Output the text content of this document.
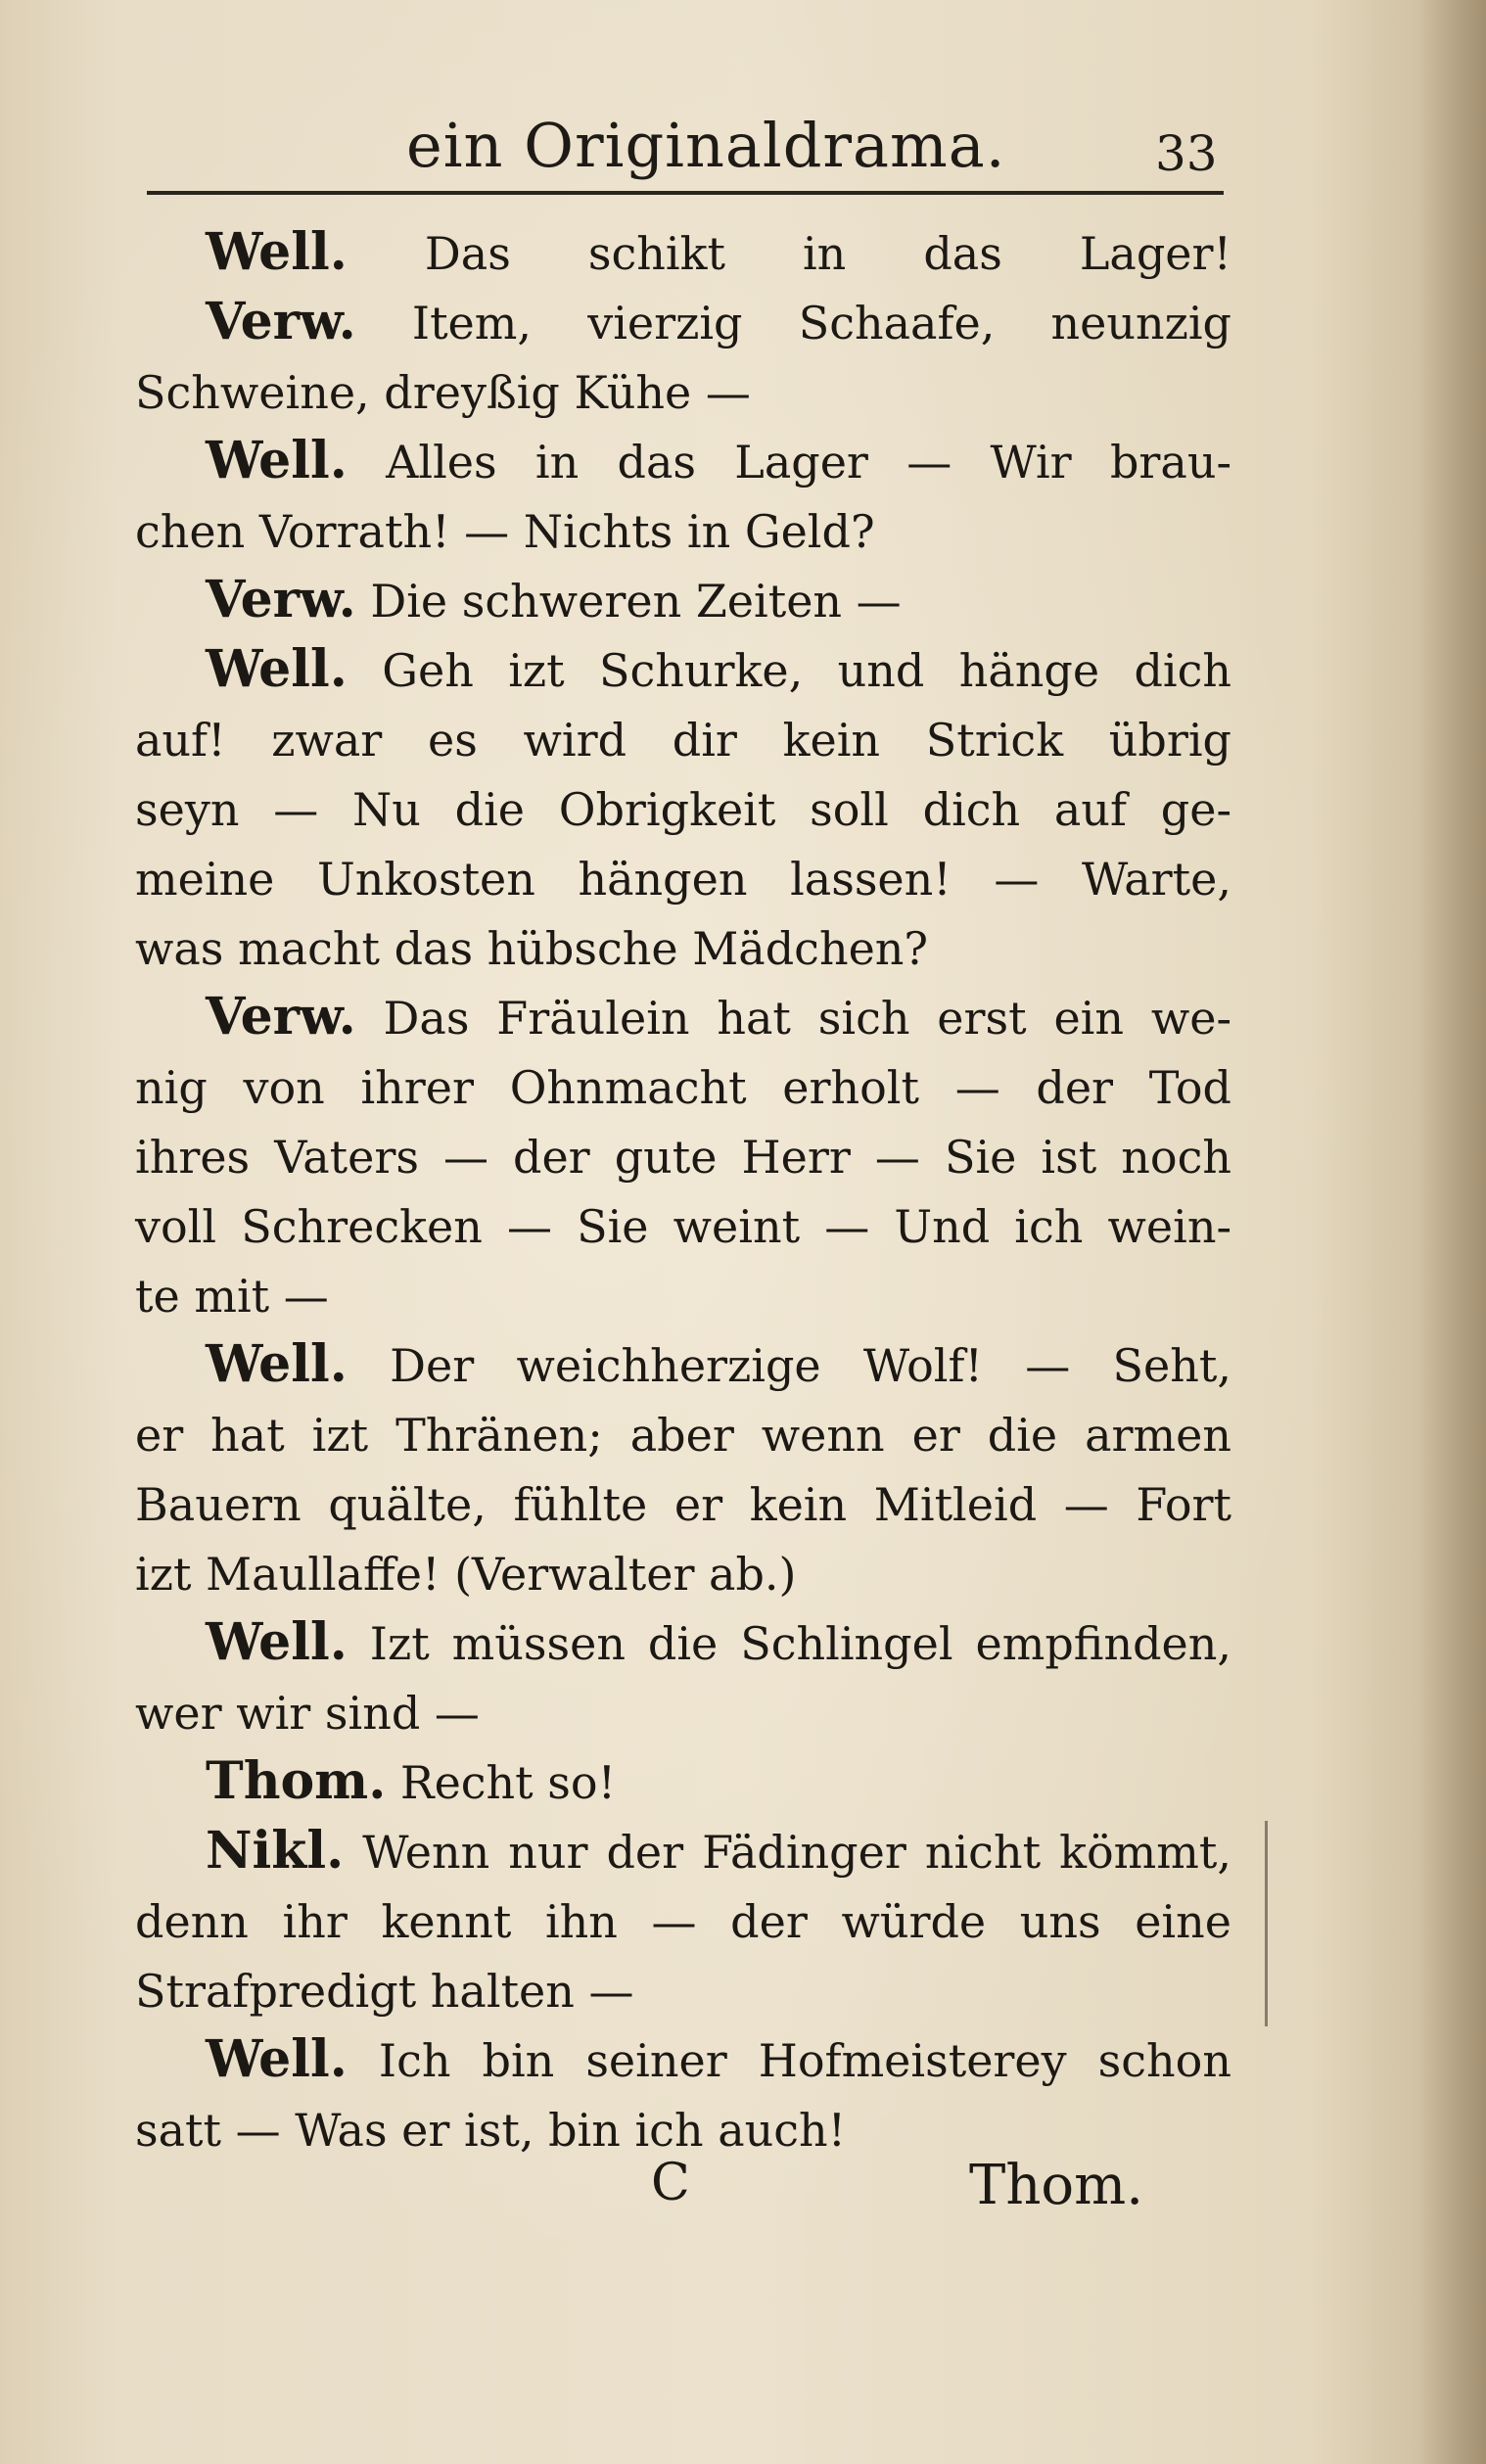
ein Originaldrama.	33
Well. Das schikt in das Lager!
Verw. Item, vierzig Schaafe, neunzig
Schweine, dreyßig Kühe —
Well. Alles in das Lager — Wir brau-
chen Vorrath! — Nichts in Geld?
Verw. Die schweren Zeiten —
Well. Geh izt Schurke, und hänge dich
auf! zwar es wird dir kein Strick übrig
seyn — Nu die Obrigkeit soll dich auf ge-
meine Unkosten hängen lassen! — Warte,
was macht das hübsche Mädchen?
Verw. Das Fräulein hat sich erst ein we-
nig von ihrer Ohnmacht erholt — der Tod
ihres Vaters — der gute Herr — Sie ist noch
voll Schrecken — Sie weint — Und ich wein-
te mit —
Well. Der weichherzige Wolf! — Seht,
er hat izt Thränen; aber wenn er die armen
Bauern quälte, fühlte er kein Mitleid — Fort
izt Maullaffe! (Verwalter ab.)
Well. Izt müssen die Schlingel empfinden,
wer wir sind —
Thom. Recht so!
Nikl. Wenn nur der Fädinger nicht kömmt,
denn ihr kennt ihn — der würde uns eine
Strafpredigt halten —
Well. Ich bin seiner Hofmeisterey schon
satt — Was er ist, bin ich auch!
C	Thom.
